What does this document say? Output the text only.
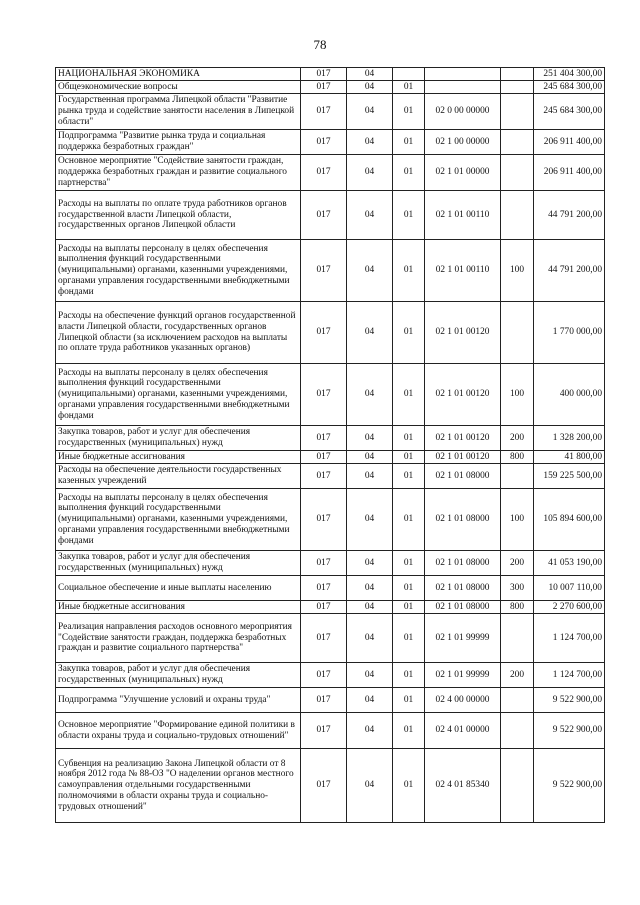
78
НАЦИОНАЛЬНАЯ ЭКОНОМИКА	017	04				251 404 300,00
Общеэкономические вопросы	017	04	01			245 684 300,00
Государственная программа Липецкой области "Развитие рынка труда и содействие занятости населения в Липецкой области"	017	04	01	02 0 00 00000		245 684 300,00
Подпрограмма "Развитие рынка труда и социальная поддержка безработных граждан"	017	04	01	02 1 00 00000		206 911 400,00
Основное мероприятие "Содействие занятости граждан, поддержка безработных граждан и развитие социального партнерства"	017	04	01	02 1 01 00000		206 911 400,00
Расходы на выплаты по оплате труда работников органов государственной власти Липецкой области, государственных органов Липецкой области	017	04	01	02 1 01 00110		44 791 200,00
Расходы на выплаты персоналу в целях обеспечения выполнения функций государственными (муниципальными) органами, казенными учреждениями, органами управления государственными внебюджетными фондами	017	04	01	02 1 01 00110	100	44 791 200,00
Расходы на обеспечение функций органов государственной власти Липецкой области, государственных органов Липецкой области (за исключением расходов на выплаты по оплате труда работников указанных органов)	017	04	01	02 1 01 00120		1 770 000,00
Расходы на выплаты персоналу в целях обеспечения выполнения функций государственными (муниципальными) органами, казенными учреждениями, органами управления государственными внебюджетными фондами	017	04	01	02 1 01 00120	100	400 000,00
Закупка товаров, работ и услуг для обеспечения государственных (муниципальных) нужд	017	04	01	02 1 01 00120	200	1 328 200,00
Иные бюджетные ассигнования	017	04	01	02 1 01 00120	800	41 800,00
Расходы на обеспечение деятельности государственных казенных учреждений	017	04	01	02 1 01 08000		159 225 500,00
Расходы на выплаты персоналу в целях обеспечения выполнения функций государственными (муниципальными) органами, казенными учреждениями, органами управления государственными внебюджетными фондами	017	04	01	02 1 01 08000	100	105 894 600,00
Закупка товаров, работ и услуг для обеспечения государственных (муниципальных) нужд	017	04	01	02 1 01 08000	200	41 053 190,00
Социальное обеспечение и иные выплаты населению	017	04	01	02 1 01 08000	300	10 007 110,00
Иные бюджетные ассигнования	017	04	01	02 1 01 08000	800	2 270 600,00
Реализация направления расходов основного мероприятия "Содействие занятости граждан, поддержка безработных граждан и развитие социального партнерства"	017	04	01	02 1 01 99999		1 124 700,00
Закупка товаров, работ и услуг для обеспечения государственных (муниципальных) нужд	017	04	01	02 1 01 99999	200	1 124 700,00
Подпрограмма "Улучшение условий и охраны труда"	017	04	01	02 4 00 00000		9 522 900,00
Основное мероприятие "Формирование единой политики в области охраны труда и социально-трудовых отношений"	017	04	01	02 4 01 00000		9 522 900,00
Субвенция на реализацию Закона Липецкой области от 8 ноября 2012 года № 88-ОЗ "О наделении органов местного самоуправления отдельными государственными полномочиями в области охраны труда и социально-трудовых отношений"	017	04	01	02 4 01 85340		9 522 900,00
